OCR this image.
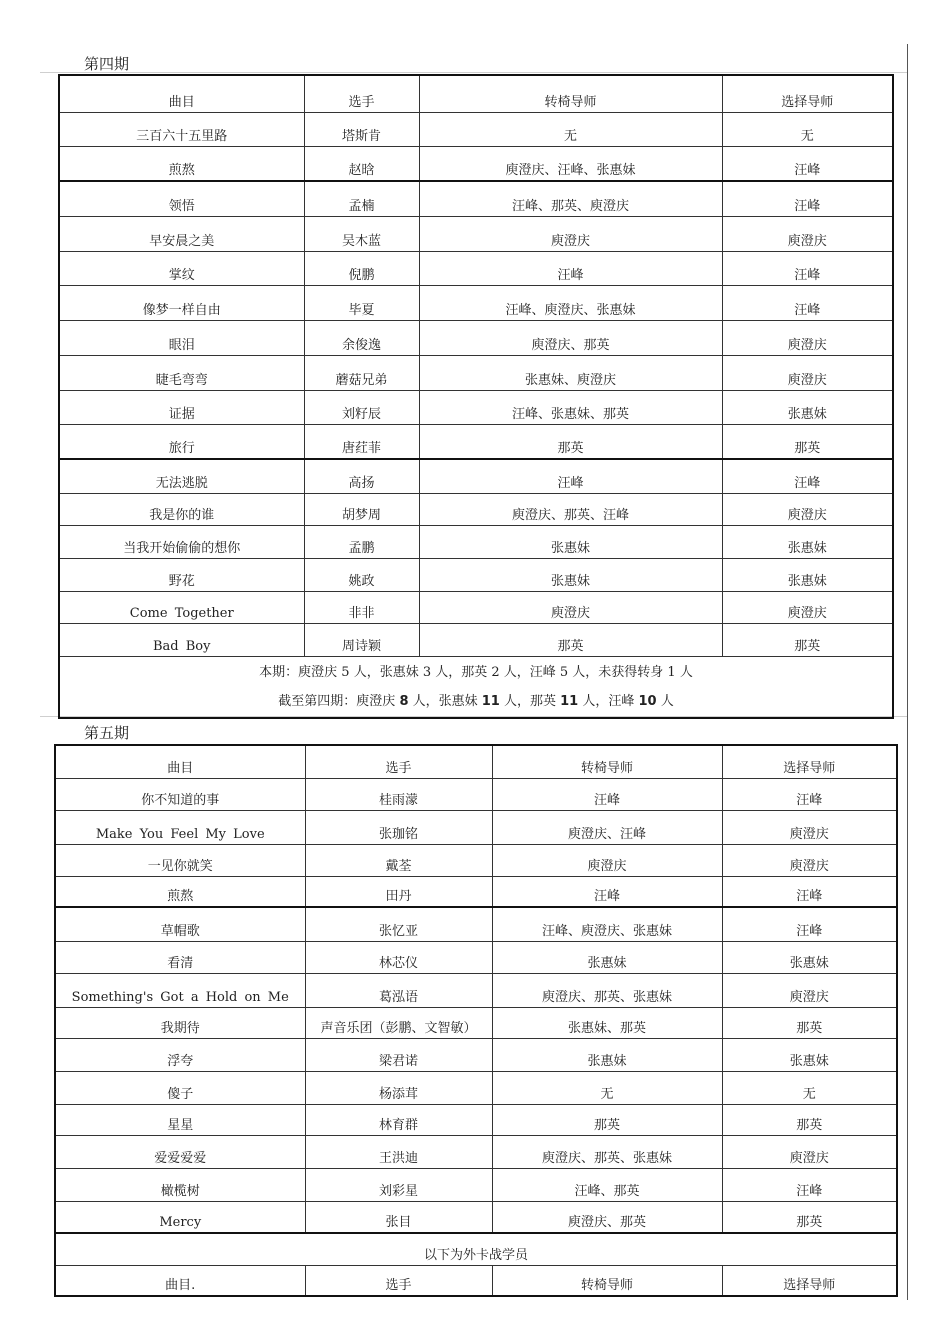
第四期
曲目	选手	转椅导师	选择导师
三百六十五里路	塔斯肯	无	无
煎熬	赵晗	庾澄庆、汪峰、张惠妹	汪峰
领悟	孟楠	汪峰、那英、庾澄庆	汪峰
早安晨之美	吴木蓝	庾澄庆	庾澄庆
掌纹	倪鹏	汪峰	汪峰
像梦一样自由	毕夏	汪峰、庾澄庆、张惠妹	汪峰
眼泪	余俊逸	庾澄庆、那英	庾澄庆
睫毛弯弯	蘑菇兄弟	张惠妹、庾澄庆	庾澄庆
证据	刘籽辰	汪峰、张惠妹、那英	张惠妹
旅行	唐荭菲	那英	那英
无法逃脱	高扬	汪峰	汪峰
我是你的谁	胡梦周	庾澄庆、那英、汪峰	庾澄庆
当我开始偷偷的想你	孟鹏	张惠妹	张惠妹
野花	姚政	张惠妹	张惠妹
Come Together	非非	庾澄庆	庾澄庆
Bad Boy	周诗颖	那英	那英

本期：庾澄庆 5 人，张惠妹 3 人，那英 2 人，汪峰 5 人，未获得转身 1 人
截至第四期：庾澄庆 8 人，张惠妹 11 人，那英 11 人，汪峰 10 人			
第五期
曲目	选手	转椅导师	选择导师
你不知道的事	桂雨濛	汪峰	汪峰
Make You Feel My Love	张珈铭	庾澄庆、汪峰	庾澄庆
一见你就笑	戴荃	庾澄庆	庾澄庆
煎熬	田丹	汪峰	汪峰
草帽歌	张忆亚	汪峰、庾澄庆、张惠妹	汪峰
看清	林芯仪	张惠妹	张惠妹
Something's Got a Hold on Me	葛泓语	庾澄庆、那英、张惠妹	庾澄庆
我期待	声音乐团（彭鹏、文智敏）	张惠妹、那英	那英
浮夸	梁君诺	张惠妹	张惠妹
傻子	杨添茸	无	无
星星	林育群	那英	那英
爱爱爱爱	王洪迪	庾澄庆、那英、张惠妹	庾澄庆
橄榄树	刘彩星	汪峰、那英	汪峰
Mercy	张目	庾澄庆、那英	那英
以下为外卡战学员			
曲目.	选手	转椅导师	选择导师
